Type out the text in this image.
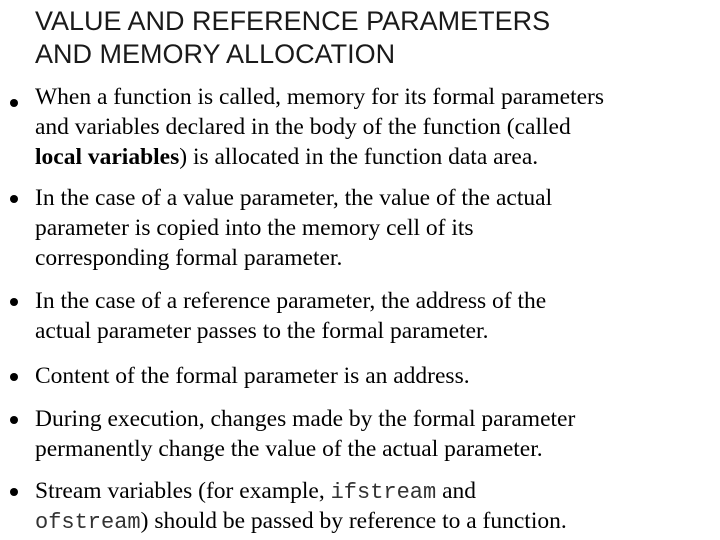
VALUE AND REFERENCE PARAMETERS
AND MEMORY ALLOCATION
When a function is called, memory for its formal parameters
and variables declared in the body of the function (called
local variables) is allocated in the function data area.
In the case of a value parameter, the value of the actual
parameter is copied into the memory cell of its
corresponding formal parameter.
In the case of a reference parameter, the address of the
actual parameter passes to the formal parameter.
Content of the formal parameter is an address.
During execution, changes made by the formal parameter
permanently change the value of the actual parameter.
Stream variables (for example, ifstream and
ofstream) should be passed by reference to a function.
